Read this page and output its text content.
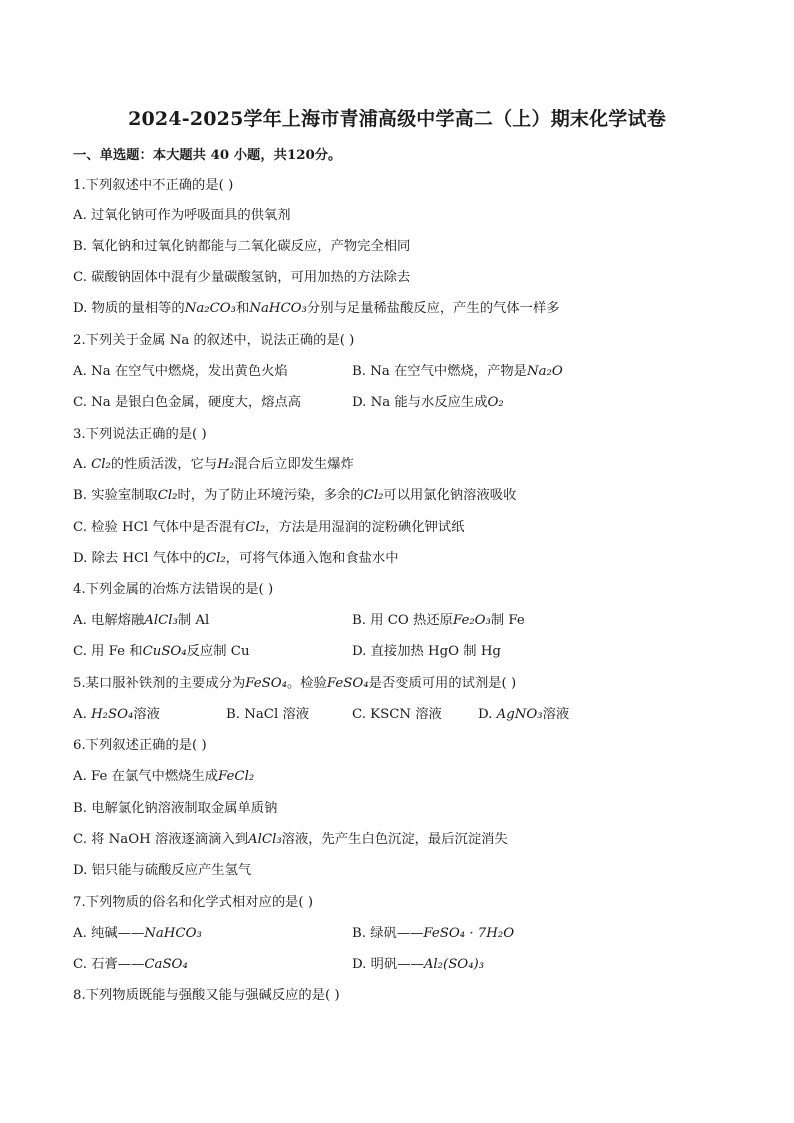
2024-2025学年上海市青浦高级中学高二（上）期末化学试卷
一、单选题：本大题共 40 小题，共120分。
1.下列叙述中不正确的是( )
A. 过氧化钠可作为呼吸面具的供氧剂
B. 氧化钠和过氧化钠都能与二氧化碳反应，产物完全相同
C. 碳酸钠固体中混有少量碳酸氢钠，可用加热的方法除去
D. 物质的量相等的Na₂CO₃和NaHCO₃分别与足量稀盐酸反应，产生的气体一样多
2.下列关于金属 Na 的叙述中，说法正确的是( )
A. Na 在空气中燃烧，发出黄色火焰	B. Na 在空气中燃烧，产物是Na₂O
C. Na 是银白色金属，硬度大，熔点高	D. Na 能与水反应生成O₂
3.下列说法正确的是( )
A. Cl₂的性质活泼，它与H₂混合后立即发生爆炸
B. 实验室制取Cl₂时，为了防止环境污染，多余的Cl₂可以用氯化钠溶液吸收
C. 检验 HCl 气体中是否混有Cl₂，方法是用湿润的淀粉碘化钾试纸
D. 除去 HCl 气体中的Cl₂，可将气体通入饱和食盐水中
4.下列金属的冶炼方法错误的是( )
A. 电解熔融AlCl₃制 Al	B. 用 CO 热还原Fe₂O₃制 Fe
C. 用 Fe 和CuSO₄反应制 Cu	D. 直接加热 HgO 制 Hg
5.某口服补铁剂的主要成分为FeSO₄。检验FeSO₄是否变质可用的试剂是( )
A. H₂SO₄溶液	B. NaCl 溶液	C. KSCN 溶液	D. AgNO₃溶液
6.下列叙述正确的是( )
A. Fe 在氯气中燃烧生成FeCl₂
B. 电解氯化钠溶液制取金属单质钠
C. 将 NaOH 溶液逐滴滴入到AlCl₃溶液，先产生白色沉淀，最后沉淀消失
D. 铝只能与硫酸反应产生氢气
7.下列物质的俗名和化学式相对应的是( )
A. 纯碱——NaHCO₃	B. 绿矾——FeSO₄ · 7H₂O
C. 石膏——CaSO₄	D. 明矾——Al₂(SO₄)₃
8.下列物质既能与强酸又能与强碱反应的是( )
